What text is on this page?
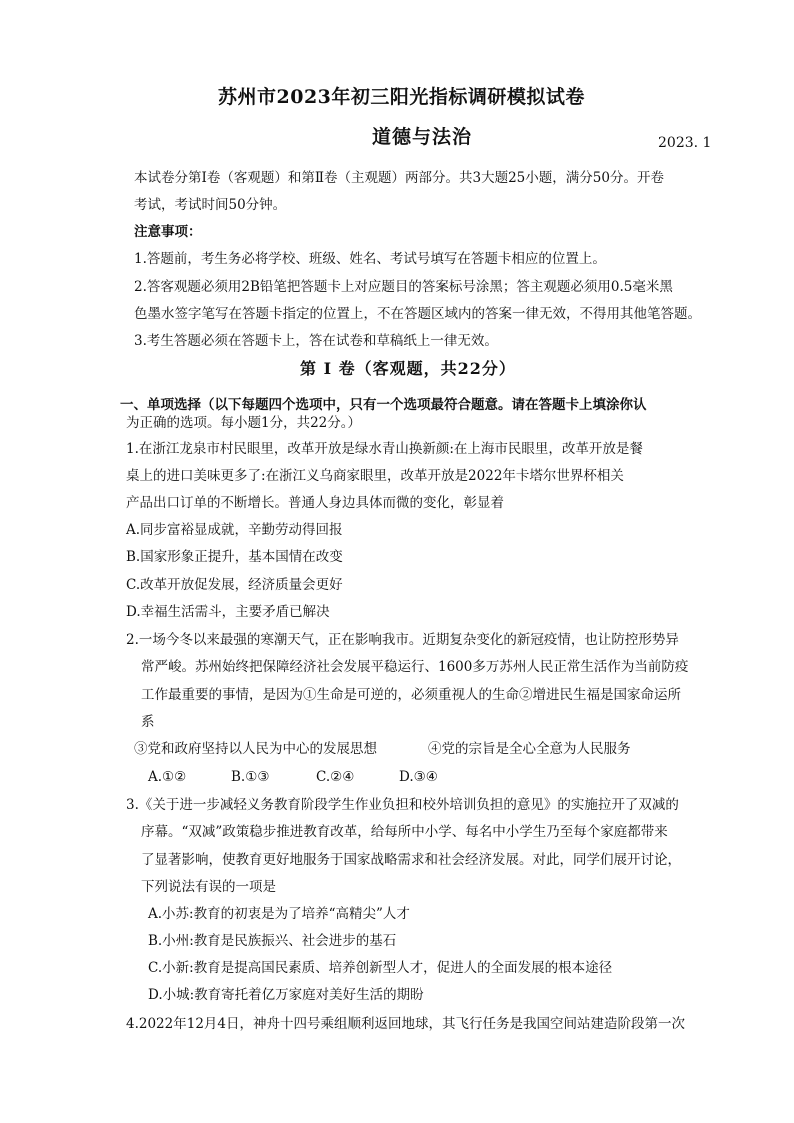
苏州市2023年初三阳光指标调研模拟试卷
道德与法治	2023. 1
本试卷分第Ⅰ卷（客观题）和第Ⅱ卷（主观题）两部分。共3大题25小题，满分50分。开卷
考试，考试时间50分钟。
注意事项：
1.答题前，考生务必将学校、班级、姓名、考试号填写在答题卡相应的位置上。
2.答客观题必须用2B铅笔把答题卡上对应题目的答案标号涂黑；答主观题必须用0.5毫米黑
色墨水签字笔写在答题卡指定的位置上，不在答题区域内的答案一律无效，不得用其他笔答题。
3.考生答题必须在答题卡上，答在试卷和草稿纸上一律无效。
第 Ⅰ 卷（客观题，共22分）
一、单项选择（以下每题四个选项中，只有一个选项最符合题意。请在答题卡上填涂你认
为正确的选项。每小题1分，共22分。）
1.在浙江龙泉市村民眼里，改革开放是绿水青山换新颜:在上海市民眼里，改革开放是餐
桌上的进口美味更多了:在浙江义乌商家眼里，改革开放是2022年卡塔尔世界杯相关
产品出口订单的不断增长。普通人身边具体而微的变化，彰显着
A.同步富裕显成就，辛勤劳动得回报
B.国家形象正提升，基本国情在改变
C.改革开放促发展，经济质量会更好
D.幸福生活需斗，主要矛盾已解决
2.一场今冬以来最强的寒潮天气，正在影响我市。近期复杂变化的新冠疫情，也让防控形势异
常严峻。苏州始终把保障经济社会发展平稳运行、1600多万苏州人民正常生活作为当前防疫
工作最重要的事情，是因为①生命是可逆的，必须重视人的生命②增进民生福是国家命运所
系
③党和政府坚持以人民为中心的发展思想	④党的宗旨是全心全意为人民服务
A.①②	B.①③	C.②④	D.③④
3.《关于进一步减轻义务教育阶段学生作业负担和校外培训负担的意见》的实施拉开了双减的
序幕。“双减”政策稳步推进教育改革，给每所中小学、每名中小学生乃至每个家庭都带来
了显著影响，使教育更好地服务于国家战略需求和社会经济发展。对此，同学们展开讨论，
下列说法有误的一项是
A.小苏:教育的初衷是为了培养“高精尖”人才
B.小州:教育是民族振兴、社会进步的基石
C.小新:教育是提高国民素质、培养创新型人才，促进人的全面发展的根本途径
D.小城:教育寄托着亿万家庭对美好生活的期盼
4.2022年12月4日，神舟十四号乘组顺利返回地球，其飞行任务是我国空间站建造阶段第一次
